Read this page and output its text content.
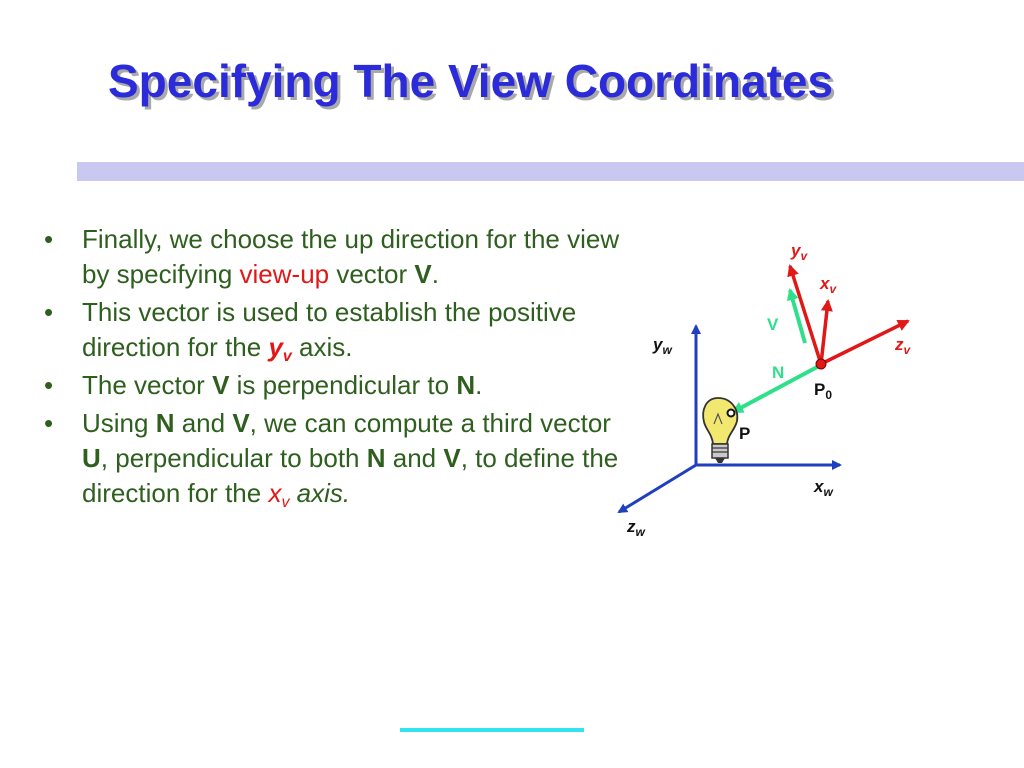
Specifying The View Coordinates
• Finally, we choose the up direction for the view by specifying view-up vector V.
• This vector is used to establish the positive direction for the $y_v$ axis.
• The vector V is perpendicular to N.
• Using N and V, we can compute a third vector U, perpendicular to both N and V, to define the direction for the $x_v$ axis.
$y_w$
$x_w$
$z_w$
$y_v$
$x_v$
$z_v$
V
N
$P_0$
P
